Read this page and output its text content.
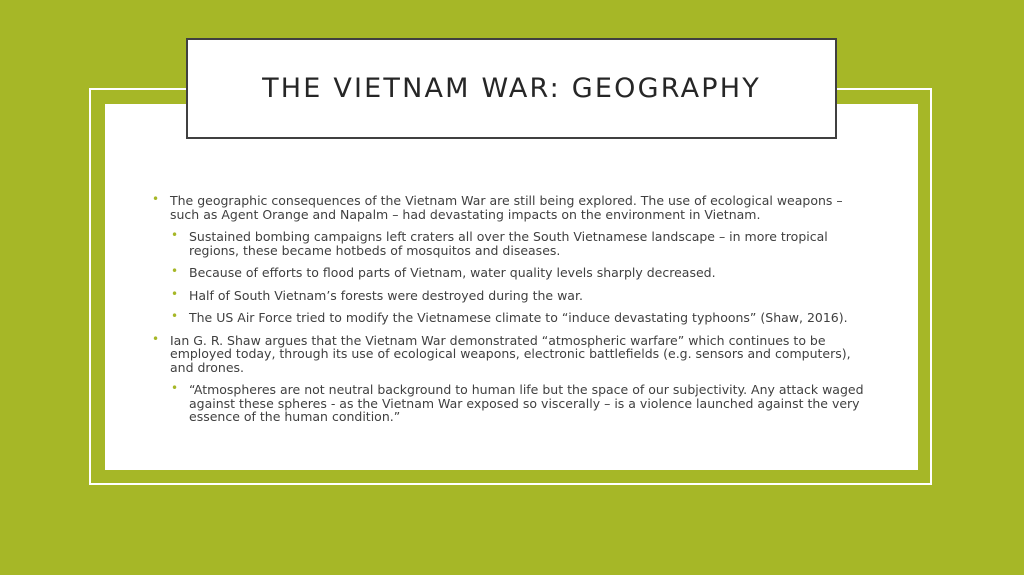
THE VIETNAM WAR: GEOGRAPHY
• The geographic consequences of the Vietnam War are still being explored. The use of ecological weapons – such as Agent Orange and Napalm – had devastating impacts on the environment in Vietnam.
• Sustained bombing campaigns left craters all over the South Vietnamese landscape – in more tropical regions, these became hotbeds of mosquitos and diseases.
• Because of efforts to flood parts of Vietnam, water quality levels sharply decreased.
• Half of South Vietnam’s forests were destroyed during the war.
• The US Air Force tried to modify the Vietnamese climate to “induce devastating typhoons” (Shaw, 2016).
• Ian G. R. Shaw argues that the Vietnam War demonstrated “atmospheric warfare” which continues to be employed today, through its use of ecological weapons, electronic battlefields (e.g. sensors and computers), and drones.
• “Atmospheres are not neutral background to human life but the space of our subjectivity. Any attack waged against these spheres - as the Vietnam War exposed so viscerally – is a violence launched against the very essence of the human condition.”
